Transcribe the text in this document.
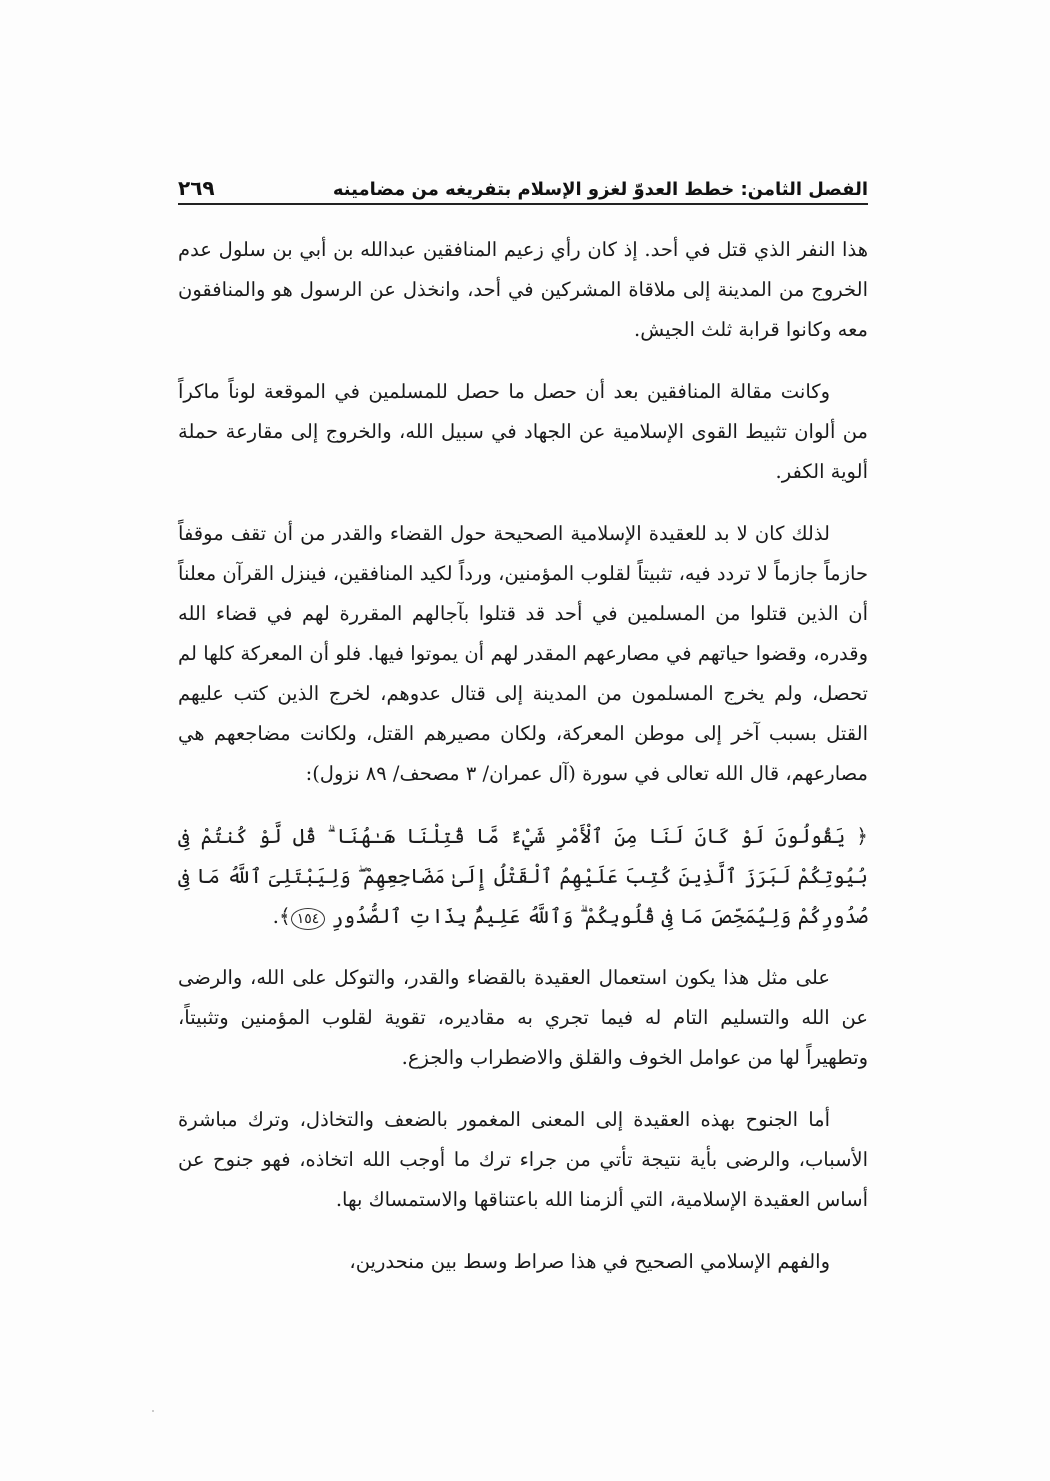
الفصل الثامن: خطط العدوّ لغزو الإسلام بتفريغه من مضامينه
٢٦٩

هذا النفر الذي قتل في أحد. إذ كان رأي زعيم المنافقين عبدالله بن أبي بن سلول عدم الخروج من المدينة إلى ملاقاة المشركين في أحد، وانخذل عن الرسول هو والمنافقون معه وكانوا قرابة ثلث الجيش.

وكانت مقالة المنافقين بعد أن حصل ما حصل للمسلمين في الموقعة لوناً ماكراً من ألوان تثبيط القوى الإسلامية عن الجهاد في سبيل الله، والخروج إلى مقارعة حملة ألوية الكفر.

لذلك كان لا بد للعقيدة الإسلامية الصحيحة حول القضاء والقدر من أن تقف موقفاً حازماً جازماً لا تردد فيه، تثبيتاً لقلوب المؤمنين، ورداً لكيد المنافقين، فينزل القرآن معلناً أن الذين قتلوا من المسلمين في أحد قد قتلوا بآجالهم المقررة لهم في قضاء الله وقدره، وقضوا حياتهم في مصارعهم المقدر لهم أن يموتوا فيها. فلو أن المعركة كلها لم تحصل، ولم يخرج المسلمون من المدينة إلى قتال عدوهم، لخرج الذين كتب عليهم القتل بسبب آخر إلى موطن المعركة، ولكان مصيرهم القتل، ولكانت مضاجعهم هي مصارعهم، قال الله تعالى في سورة (آل عمران/ ٣ مصحف/ ٨٩ نزول):

﴿ يَقُولُونَ لَوْ كَانَ لَنَا مِنَ ٱلْأَمْرِ شَيْءٌ مَّا قُتِلْنَا هَـٰهُنَا ۗ قُل لَّوْ كُنتُمْ فِى بُيُوتِكُمْ لَبَرَزَ ٱلَّذِينَ كُتِبَ عَلَيْهِمُ ٱلْقَتْلُ إِلَىٰ مَضَاجِعِهِمْ ۖ وَلِيَبْتَلِىَ ٱللَّهُ مَا فِى صُدُورِكُمْ وَلِيُمَحِّصَ مَا فِى قُلُوبِكُمْ ۗ وَٱللَّهُ عَلِيمٌۢ بِذَاتِ ٱلصُّدُورِ ١٥٤﴾.

على مثل هذا يكون استعمال العقيدة بالقضاء والقدر، والتوكل على الله، والرضى عن الله والتسليم التام له فيما تجري به مقاديره، تقوية لقلوب المؤمنين وتثبيتاً، وتطهيراً لها من عوامل الخوف والقلق والاضطراب والجزع.

أما الجنوح بهذه العقيدة إلى المعنى المغمور بالضعف والتخاذل، وترك مباشرة الأسباب، والرضى بأية نتيجة تأتي من جراء ترك ما أوجب الله اتخاذه، فهو جنوح عن أساس العقيدة الإسلامية، التي ألزمنا الله باعتناقها والاستمساك بها.

والفهم الإسلامي الصحيح في هذا صراط وسط بين منحدرين،
